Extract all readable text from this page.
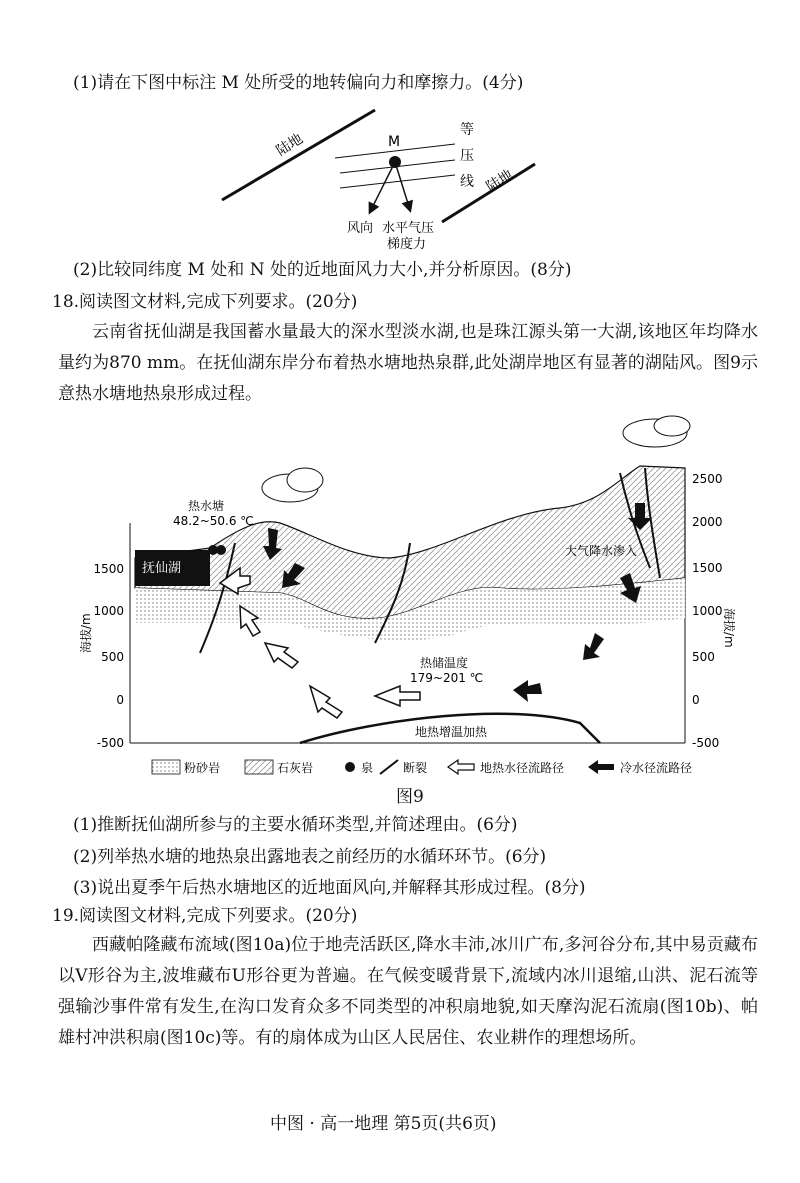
(1)请在下图中标注 M 处所受的地转偏向力和摩擦力。(4分)
陆地
陆地
M
等
压
线
风向 水平气压
梯度力
(2)比较同纬度 M 处和 N 处的近地面风力大小,并分析原因。(8分)
18.阅读图文材料,完成下列要求。(20分)
云南省抚仙湖是我国蓄水量最大的深水型淡水湖,也是珠江源头第一大湖,该地区年均降水量约为870 mm。在抚仙湖东岸分布着热水塘地热泉群,此处湖岸地区有显著的湖陆风。图9示意热水塘地热泉形成过程。
1500
1000
500
0
-500
2500
2000
1500
1000
500
0
-500
海拔/m	海拔/m
抚仙湖
地热增温加热
热水塘
48.2~50.6 ℃
热储温度
179~201 ℃
大气降水渗入
粉砂岩	石灰岩	泉 断裂	地热水径流路径	冷水径流路径
图9
(1)推断抚仙湖所参与的主要水循环类型,并简述理由。(6分)
(2)列举热水塘的地热泉出露地表之前经历的水循环环节。(6分)
(3)说出夏季午后热水塘地区的近地面风向,并解释其形成过程。(8分)
19.阅读图文材料,完成下列要求。(20分)
西藏帕隆藏布流域(图10a)位于地壳活跃区,降水丰沛,冰川广布,多河谷分布,其中易贡藏布以V形谷为主,波堆藏布U形谷更为普遍。在气候变暖背景下,流域内冰川退缩,山洪、泥石流等强输沙事件常有发生,在沟口发育众多不同类型的冲积扇地貌,如天摩沟泥石流扇(图10b)、帕雄村冲洪积扇(图10c)等。有的扇体成为山区人民居住、农业耕作的理想场所。
中图 · 高一地理 第5页(共6页)
